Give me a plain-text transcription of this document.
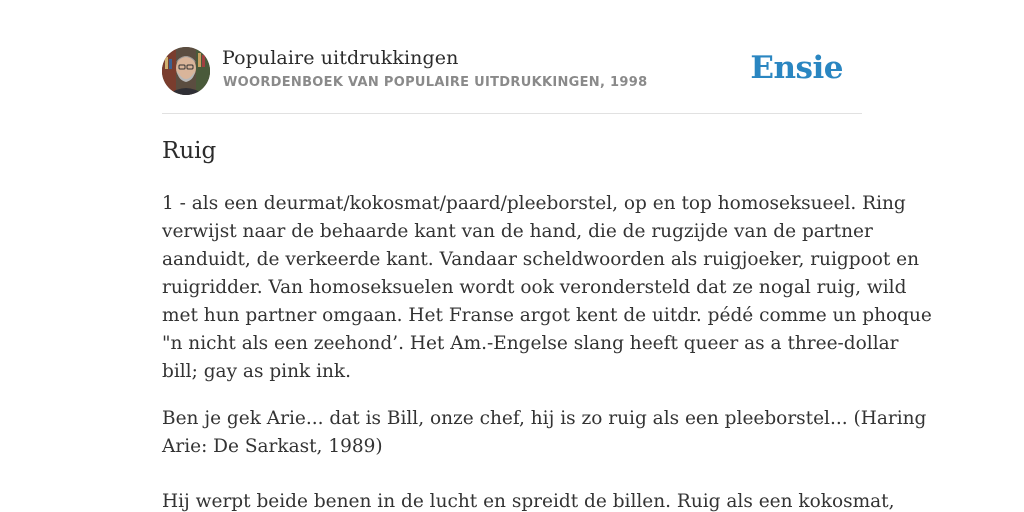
Populaire uitdrukkingen
WOORDENBOEK VAN POPULAIRE UITDRUKKINGEN, 1998	Ensie
Ruig
1 - als een deurmat/kokosmat/paard/pleeborstel, op en top homoseksueel. Ring
verwijst naar de behaarde kant van de hand, die de rugzijde van de partner
aanduidt, de verkeerde kant. Vandaar scheldwoorden als ruigjoeker, ruigpoot en
ruigridder. Van homoseksuelen wordt ook verondersteld dat ze nogal ruig, wild
met hun partner omgaan. Het Franse argot kent de uitdr. pédé comme un phoque
"n nicht als een zeehond’. Het Am.-Engelse slang heeft queer as a three-dollar
bill; gay as pink ink.
Ben je gek Arie... dat is Bill, onze chef, hij is zo ruig als een pleeborstel... (Haring
Arie: De Sarkast, 1989)
Hij werpt beide benen in de lucht en spreidt de billen. Ruig als een kokosmat,
